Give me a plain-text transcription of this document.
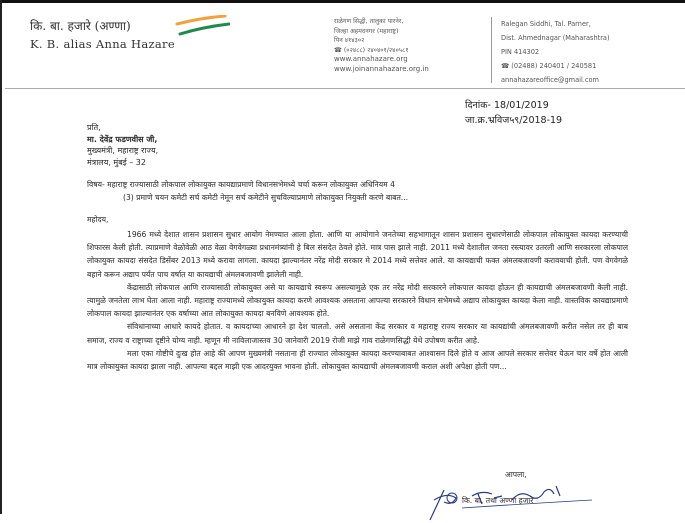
कि. बा. हजारे (अण्णा)
K. B. alias Anna Hazare
राळेगण सिद्धी, तालुका पारनेर,
जिल्हा अहमदनगर (महाराष्ट्र)
पिन ४१४३०२
☎ (०२४८८) २४०४०१/२४०५८१
www.annahazare.org
www.joinannahazare.org.in
Ralegan Siddhi, Tal. Parner,
Dist. Ahmednagar (Maharashtra)
PIN 414302
☎ (02488) 240401 / 240581
annahazareoffice@gmail.com
दिनांक- 18/01/2019
जा.क्र.भ्रविज५९/2018-19
प्रति,
मा. देवेंद्र फडणवीस जी,
मुख्यमंत्री, महाराष्ट्र राज्य,
मंत्रालय, मुंबई – 32
विषय- महाराष्ट्र राज्यासाठी लोकपाल लोकायुक्त कायद्याप्रमाणे विधानसभेमध्ये चर्चा करून लोकायुक्त अधिनियम 4
(3) प्रमाणे चयन कमेटी सर्च कमेटी नेमून सर्च कमेटीने सुचविल्याप्रमाणे लोकायुक्त नियुक्ती करणे बाबत...
महोदय,

1966 मध्ये देशात शासन प्रशासन सुधार आयोग नेमण्यात आला होता. आणि या आयोगाने जनतेच्या सहभागातून शासन प्रशासन सुधारणेसाठी लोकपाल लोकायुक्त कायदा करण्याची शिफारस केली होती. त्याप्रमाणे वेळोवेळी आठ वेळा वेगवेगळ्या प्रधानमंत्र्यांनी हे बिल संसदेत ठेवले होते. मात्र पास झाले नाही. 2011 मध्ये देशातील जनता रस्त्यावर उतरली आणि सरकारला लोकपाल लोकायुक्त कायदा संसदेत डिसेंबर 2013 मध्ये करावा लागला. कायदा झाल्यानंतर नरेंद्र मोदी सरकार मे 2014 मध्ये सत्तेवर आले. या कायद्याची फक्त अंमलबजावणी करावयाची होती. पण वेगवेगळे बहाने करून अद्याप पर्यंत पाच वर्षात या कायद्याची अंमलबजावणी झालेली नाही.

केंद्रासाठी लोकपाल आणि राज्यासाठी लोकायुक्त असे या कायद्याचे स्वरूप असल्यामुळे एक तर नरेंद्र मोदी सरकारने लोकपाल कायदा होऊन ही कायद्याची अंमलबजावणी केली नाही. त्यामुळे जनतेला लाभ घेता आला नाही. महाराष्ट्र राज्यामध्ये लोकायुक्त कायदा करणे आवश्यक असताना आपल्या सरकारने विधान सभेमध्ये अद्याप लोकायुक्त कायदा केला नाही. वास्तविक कायद्याप्रमाणे लोकपाल कायदा झाल्यानंतर एक वर्षाच्या आत लोकायुक्त कायदा बनविणे आवश्यक होते.

संविधानाच्या आधारे कायदे होतात. व कायदाच्या आधारने हा देश चालतो. असे असताना केंद्र सरकार व महाराष्ट्र राज्य सरकार या कायद्यांची अंमलबजावणी करीत नसेल तर ही बाब समाज, राज्य व राष्ट्राच्या दृष्टीने योग्य नाही. म्हणून मी नाविलाजास्तव 30 जानेवारी 2019 रोजी माझे गाव राळेगणसिद्धी येथे उपोषण करीत आहे.

मला एका गोष्टीचे दुःख होत आहे की आपण मुख्यमंत्री नसताना ही राज्यात लोकायुक्त कायदा करण्याबाबत आश्वासन दिले होते व आज आपले सरकार सत्तेवर येऊन चार वर्षे होत आली मात्र लोकायुक्त कायदा झाला नाही. आपल्या बद्दल माझी एक आदरयुक्त भावना होती. लोकायुक्त कायद्याची अंमलबजावणी कराल अशी अपेक्षा होती पण...

आपला,
कि. बा. तथा अण्णा हजारे
